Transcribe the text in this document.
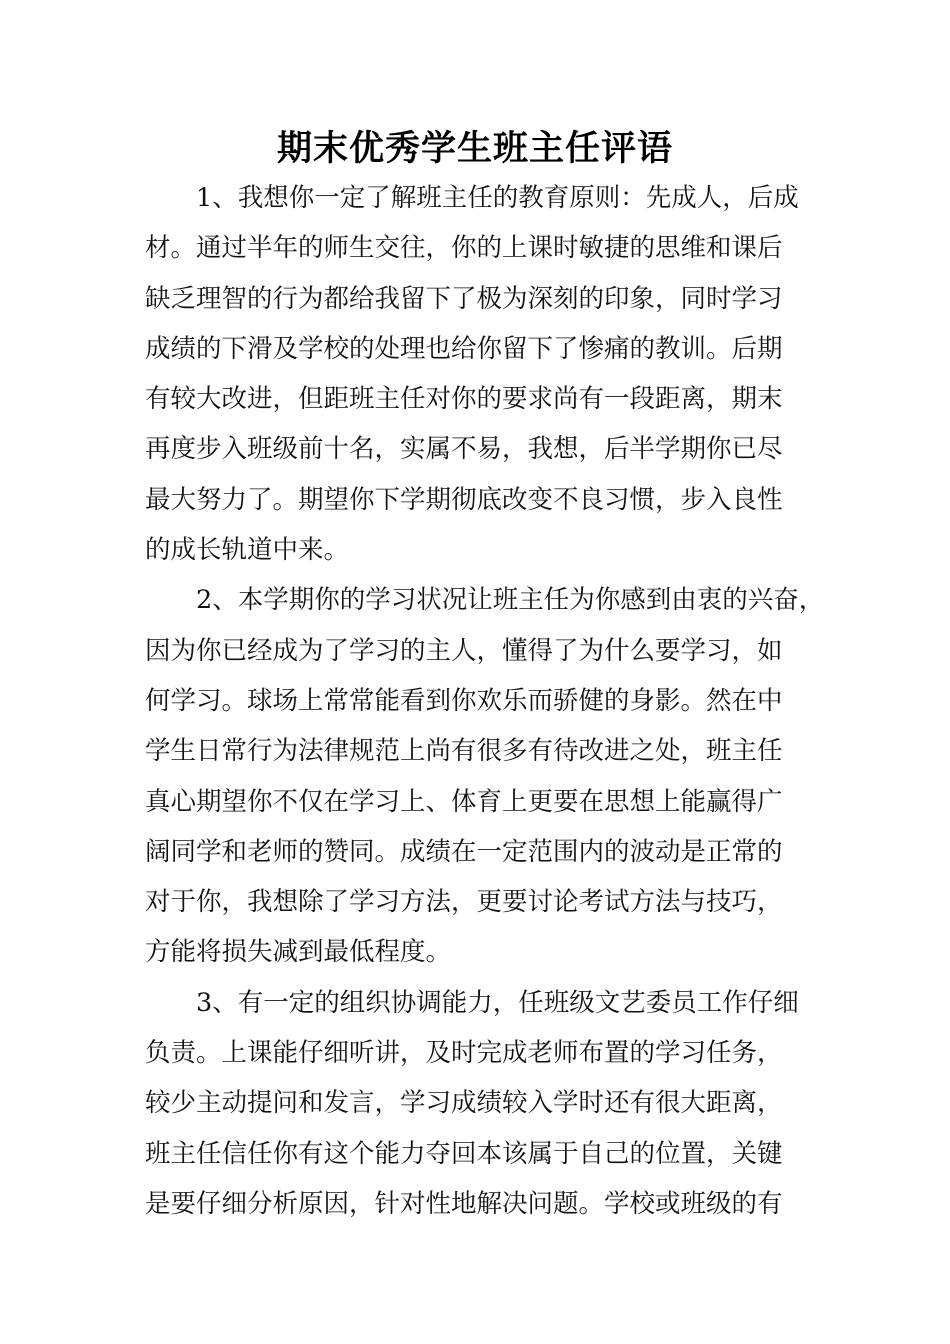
期末优秀学生班主任评语

1、我想你一定了解班主任的教育原则：先成人，后成
材。通过半年的师生交往，你的上课时敏捷的思维和课后
缺乏理智的行为都给我留下了极为深刻的印象，同时学习
成绩的下滑及学校的处理也给你留下了惨痛的教训。后期
有较大改进，但距班主任对你的要求尚有一段距离，期末
再度步入班级前十名，实属不易，我想，后半学期你已尽
最大努力了。期望你下学期彻底改变不良习惯，步入良性
的成长轨道中来。

2、本学期你的学习状况让班主任为你感到由衷的兴奋，
因为你已经成为了学习的主人，懂得了为什么要学习，如
何学习。球场上常常能看到你欢乐而骄健的身影。然在中
学生日常行为法律规范上尚有很多有待改进之处，班主任
真心期望你不仅在学习上、体育上更要在思想上能赢得广
阔同学和老师的赞同。成绩在一定范围内的波动是正常的
对于你，我想除了学习方法，更要讨论考试方法与技巧，
方能将损失减到最低程度。

3、有一定的组织协调能力，任班级文艺委员工作仔细
负责。上课能仔细听讲，及时完成老师布置的学习任务，
较少主动提问和发言，学习成绩较入学时还有很大距离，
班主任信任你有这个能力夺回本该属于自己的位置，关键
是要仔细分析原因，针对性地解决问题。学校或班级的有
